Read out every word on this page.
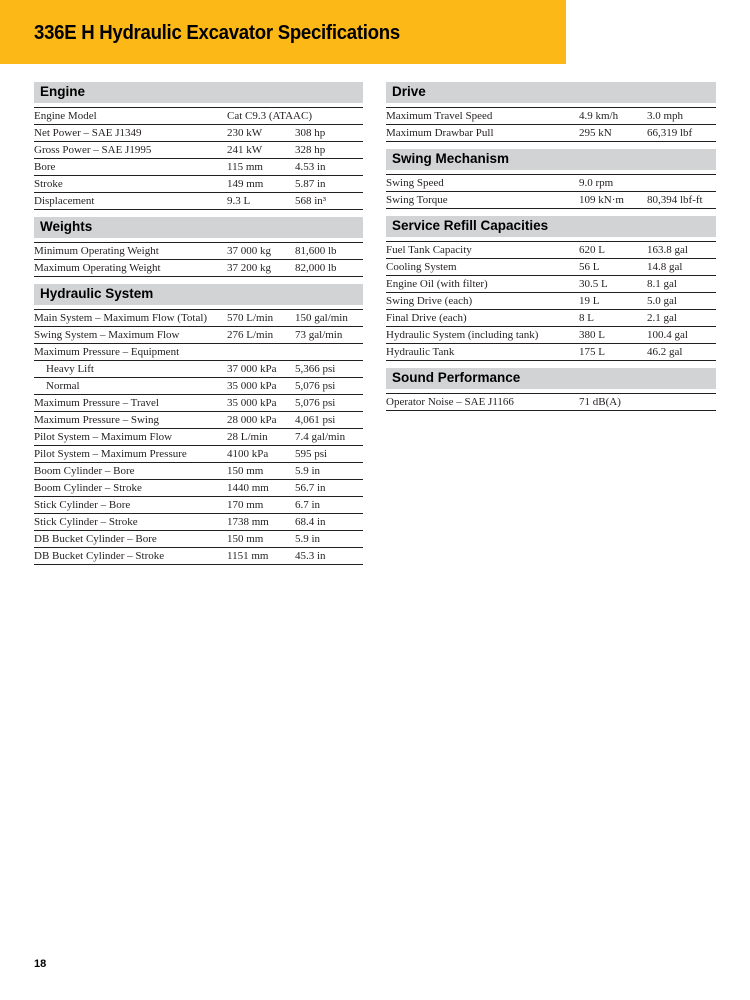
336E H Hydraulic Excavator Specifications
Engine
Engine Model	Cat C9.3 (ATAAC)
Net Power – SAE J1349	230 kW	308 hp
Gross Power – SAE J1995	241 kW	328 hp
Bore	115 mm	4.53 in
Stroke	149 mm	5.87 in
Displacement	9.3 L	568 in³
Weights
Minimum Operating Weight	37 000 kg 81,600 lb
Maximum Operating Weight	37 200 kg 82,000 lb
Hydraulic System
Main System – Maximum Flow (Total)	570 L/min 150 gal/min
Swing System – Maximum Flow	276 L/min 73 gal/min
Maximum Pressure – Equipment
Heavy Lift	37 000 kPa 5,366 psi
Normal	35 000 kPa 5,076 psi
Maximum Pressure – Travel	35 000 kPa 5,076 psi
Maximum Pressure – Swing	28 000 kPa 4,061 psi
Pilot System – Maximum Flow	28 L/min 7.4 gal/min
Pilot System – Maximum Pressure	4100 kPa 595 psi
Boom Cylinder – Bore	150 mm	5.9 in
Boom Cylinder – Stroke	1440 mm 56.7 in
Stick Cylinder – Bore	170 mm	6.7 in
Stick Cylinder – Stroke	1738 mm 68.4 in
DB Bucket Cylinder – Bore	150 mm	5.9 in
DB Bucket Cylinder – Stroke	1151 mm 45.3 in
Drive
Maximum Travel Speed	4.9 km/h	3.0 mph
Maximum Drawbar Pull	295 kN	66,319 lbf
Swing Mechanism
Swing Speed	9.0 rpm
Swing Torque	109 kN·m 80,394 lbf-ft
Service Refill Capacities
Fuel Tank Capacity	620 L	163.8 gal
Cooling System	56 L	14.8 gal
Engine Oil (with filter)	30.5 L	8.1 gal
Swing Drive (each)	19 L	5.0 gal
Final Drive (each)	8 L	2.1 gal
Hydraulic System (including tank)	380 L	100.4 gal
Hydraulic Tank	175 L	46.2 gal
Sound Performance
Operator Noise – SAE J1166	71 dB(A)
18
